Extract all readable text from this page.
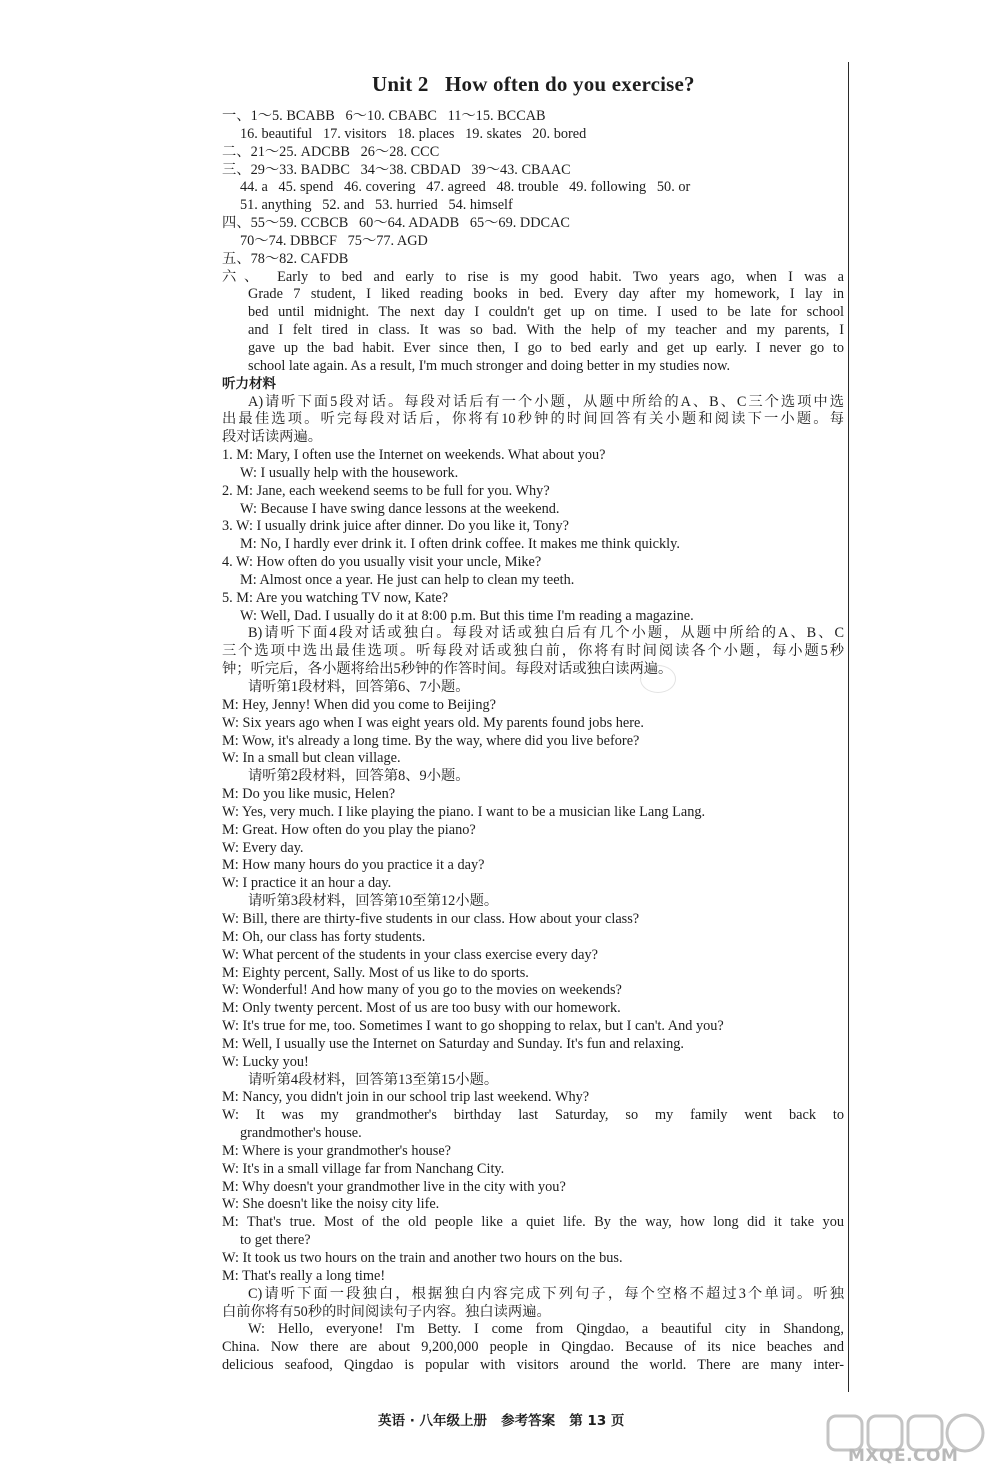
Unit 2   How often do you exercise?
一、1～5. BCABB   6～10. CBABC   11～15. BCCAB
16. beautiful   17. visitors   18. places   19. skates   20. bored
二、21～25. ADCBB   26～28. CCC
三、29～33. BADBC   34～38. CBDAD   39～43. CBAAC
44. a   45. spend   46. covering   47. agreed   48. trouble   49. following   50. or
51. anything   52. and   53. hurried   54. himself
四、55～59. CCBCB   60～64. ADADB   65～69. DDCAC
70～74. DBBCF   75～77. AGD
五、78～82. CAFDB
六、 Early to bed and early to rise is my good habit. Two years ago, when I was a
Grade 7 student, I liked reading books in bed. Every day after my homework, I lay in
bed until midnight. The next day I couldn't get up on time. I used to be late for school
and I felt tired in class. It was so bad. With the help of my teacher and my parents, I
gave up the bad habit. Ever since then, I go to bed early and get up early. I never go to
school late again. As a result, I'm much stronger and doing better in my studies now.
听力材料
A)请听下面5段对话。每段对话后有一个小题，从题中所给的A、B、C三个选项中选
出最佳选项。听完每段对话后，你将有10秒钟的时间回答有关小题和阅读下一小题。每
段对话读两遍。
1. M: Mary, I often use the Internet on weekends. What about you?
W: I usually help with the housework.
2. M: Jane, each weekend seems to be full for you. Why?
W: Because I have swing dance lessons at the weekend.
3. W: I usually drink juice after dinner. Do you like it, Tony?
M: No, I hardly ever drink it. I often drink coffee. It makes me think quickly.
4. W: How often do you usually visit your uncle, Mike?
M: Almost once a year. He just can help to clean my teeth.
5. M: Are you watching TV now, Kate?
W: Well, Dad. I usually do it at 8:00 p.m. But this time I'm reading a magazine.
B)请听下面4段对话或独白。每段对话或独白后有几个小题，从题中所给的A、B、C
三个选项中选出最佳选项。听每段对话或独白前，你将有时间阅读各个小题，每小题5秒
钟；听完后，各小题将给出5秒钟的作答时间。每段对话或独白读两遍。
请听第1段材料，回答第6、7小题。
M: Hey, Jenny! When did you come to Beijing?
W: Six years ago when I was eight years old. My parents found jobs here.
M: Wow, it's already a long time. By the way, where did you live before?
W: In a small but clean village.
请听第2段材料，回答第8、9小题。
M: Do you like music, Helen?
W: Yes, very much. I like playing the piano. I want to be a musician like Lang Lang.
M: Great. How often do you play the piano?
W: Every day.
M: How many hours do you practice it a day?
W: I practice it an hour a day.
请听第3段材料，回答第10至第12小题。
W: Bill, there are thirty-five students in our class. How about your class?
M: Oh, our class has forty students.
W: What percent of the students in your class exercise every day?
M: Eighty percent, Sally. Most of us like to do sports.
W: Wonderful! And how many of you go to the movies on weekends?
M: Only twenty percent. Most of us are too busy with our homework.
W: It's true for me, too. Sometimes I want to go shopping to relax, but I can't. And you?
M: Well, I usually use the Internet on Saturday and Sunday. It's fun and relaxing.
W: Lucky you!
请听第4段材料，回答第13至第15小题。
M: Nancy, you didn't join in our school trip last weekend. Why?
W: It was my grandmother's birthday last Saturday, so my family went back to
grandmother's house.
M: Where is your grandmother's house?
W: It's in a small village far from Nanchang City.
M: Why doesn't your grandmother live in the city with you?
W: She doesn't like the noisy city life.
M: That's true. Most of the old people like a quiet life. By the way, how long did it take you
to get there?
W: It took us two hours on the train and another two hours on the bus.
M: That's really a long time!
C)请听下面一段独白，根据独白内容完成下列句子，每个空格不超过3个单词。听独
白前你将有50秒的时间阅读句子内容。独白读两遍。
W: Hello, everyone! I'm Betty. I come from Qingdao, a beautiful city in Shandong,
China. Now there are about 9,200,000 people in Qingdao. Because of its nice beaches and
delicious seafood, Qingdao is popular with visitors around the world. There are many inter-
英语 · 八年级上册   参考答案   第 13 页
MXQE.COM
